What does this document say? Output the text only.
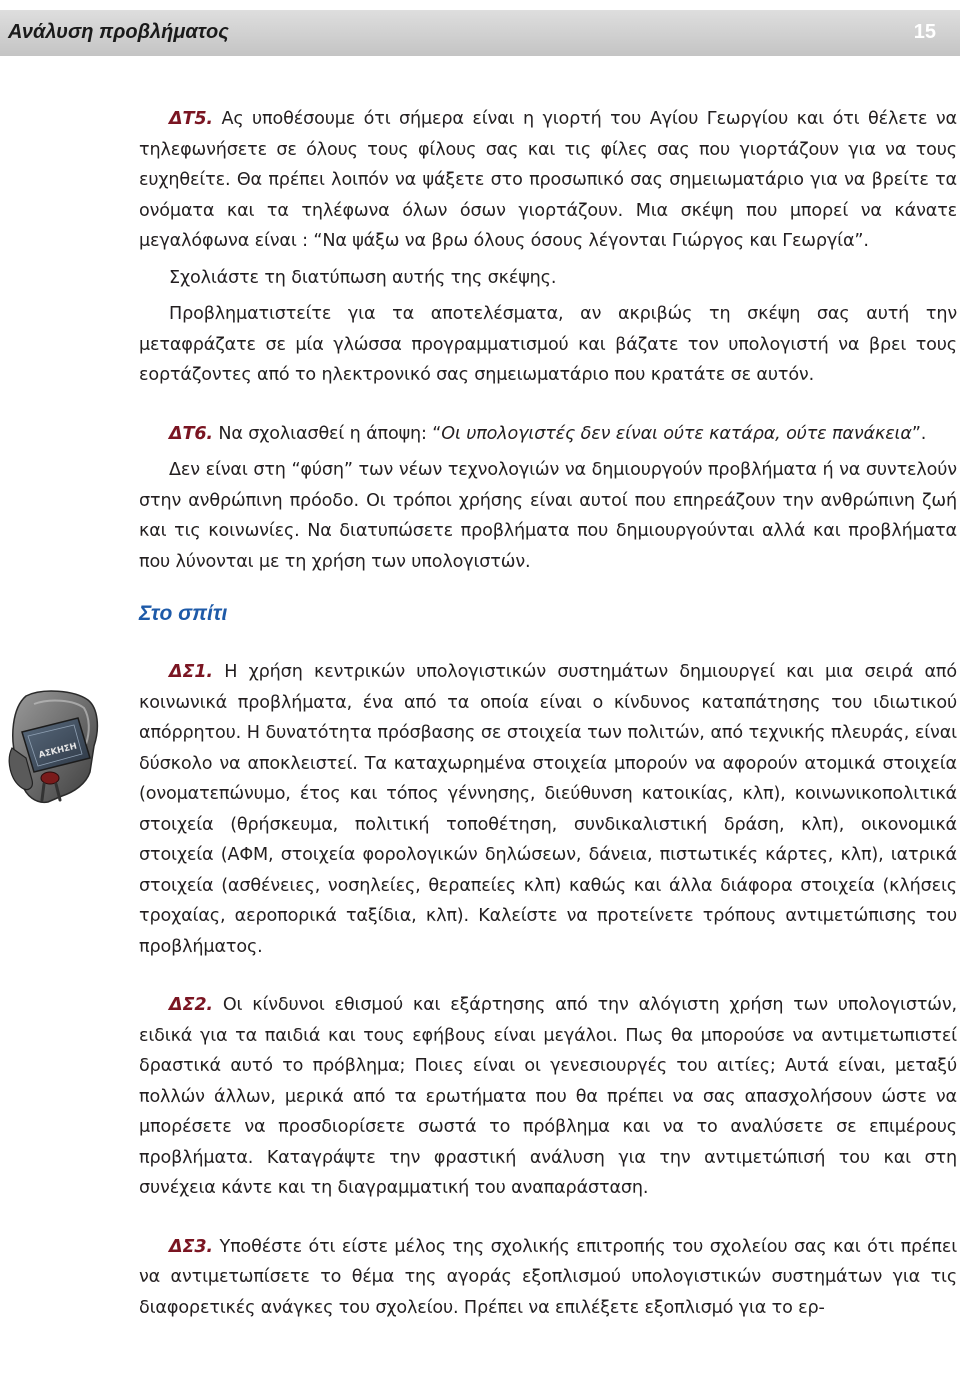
Ανάλυση προβλήματος	15
ΑΣΚΗΣΗ

ΔΤ5. Ας υποθέσουμε ότι σήμερα είναι η γιορτή του Αγίου Γεωργίου και ότι θέλετε να τηλεφωνήσετε σε όλους τους φίλους σας και τις φίλες σας που γιορτάζουν για να τους ευχηθείτε. Θα πρέπει λοιπόν να ψάξετε στο προσωπικό σας σημειωματάριο για να βρείτε τα ονόματα και τα τηλέφωνα όλων όσων γιορτάζουν. Μια σκέψη που μπορεί να κάνατε μεγαλόφωνα είναι : “Να ψάξω να βρω όλους όσους λέγονται Γιώργος και Γεωργία”.

Σχολιάστε τη διατύπωση αυτής της σκέψης.

Προβληματιστείτε για τα αποτελέσματα, αν ακριβώς τη σκέψη σας αυτή την μεταφράζατε σε μία γλώσσα προγραμματισμού και βάζατε τον υπολογιστή να βρει τους εορτάζοντες από το ηλεκτρονικό σας σημειωματάριο που κρατάτε σε αυτόν.

ΔΤ6. Να σχολιασθεί η άποψη: “Οι υπολογιστές δεν είναι ούτε κατάρα, ούτε πανάκεια”.

Δεν είναι στη “φύση” των νέων τεχνολογιών να δημιουργούν προβλήματα ή να συντελούν στην ανθρώπινη πρόοδο. Οι τρόποι χρήσης είναι αυτοί που επηρεάζουν την ανθρώπινη ζωή και τις κοινωνίες. Να διατυπώσετε προβλήματα που δημιουργούνται αλλά και προβλήματα που λύνονται με τη χρήση των υπολογιστών.

Στο σπίτι

ΔΣ1. Η χρήση κεντρικών υπολογιστικών συστημάτων δημιουργεί και μια σειρά από κοινωνικά προβλήματα, ένα από τα οποία είναι ο κίνδυνος καταπάτησης του ιδιωτικού απόρρητου. Η δυνατότητα πρόσβασης σε στοιχεία των πολιτών, από τεχνικής πλευράς, είναι δύσκολο να αποκλειστεί. Τα καταχωρημένα στοιχεία μπορούν να αφορούν ατομικά στοιχεία (ονοματεπώνυμο, έτος και τόπος γέννησης, διεύθυνση κατοικίας, κλπ), κοινωνικοπολιτικά στοιχεία (θρήσκευμα, πολιτική τοποθέτηση, συνδικαλιστική δράση, κλπ), οικονομικά στοιχεία (ΑΦΜ, στοιχεία φορολογικών δηλώσεων, δάνεια, πιστωτικές κάρτες, κλπ), ιατρικά στοιχεία (ασθένειες, νοσηλείες, θεραπείες κλπ) καθώς και άλλα διάφορα στοιχεία (κλήσεις τροχαίας, αεροπορικά ταξίδια, κλπ). Καλείστε να προτείνετε τρόπους αντιμετώπισης του προβλήματος.

ΔΣ2. Οι κίνδυνοι εθισμού και εξάρτησης από την αλόγιστη χρήση των υπολογιστών, ειδικά για τα παιδιά και τους εφήβους είναι μεγάλοι. Πως θα μπορούσε να αντιμετωπιστεί δραστικά αυτό το πρόβλημα; Ποιες είναι οι γενεσιουργές του αιτίες; Αυτά είναι, μεταξύ πολλών άλλων, μερικά από τα ερωτήματα που θα πρέπει να σας απασχολήσουν ώστε να μπορέσετε να προσδιορίσετε σωστά το πρόβλημα και να το αναλύσετε σε επιμέρους προβλήματα. Καταγράψτε την φραστική ανάλυση για την αντιμετώπισή του και στη συνέχεια κάντε και τη διαγραμματική του αναπαράσταση.

ΔΣ3. Υποθέστε ότι είστε μέλος της σχολικής επιτροπής του σχολείου σας και ότι πρέπει να αντιμετωπίσετε το θέμα της αγοράς εξοπλισμού υπολογιστικών συστημάτων για τις διαφορετικές ανάγκες του σχολείου. Πρέπει να επιλέξετε εξοπλισμό για το ερ-
